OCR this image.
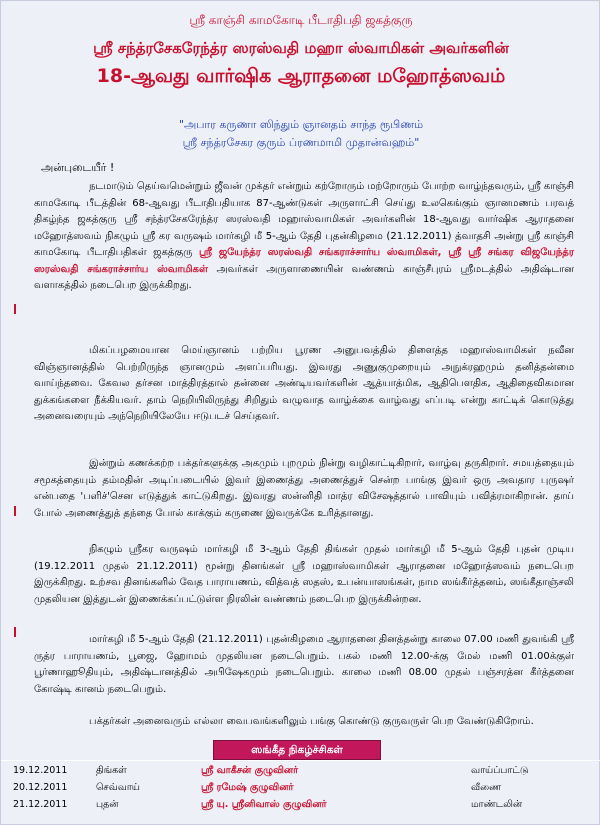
ஸ்ரீ காஞ்சி காமகோடி பீடாதிபதி ஜகத்குரு
ஸ்ரீ சந்த்ரசேகரேந்த்ர ஸரஸ்வதி மஹா ஸ்வாமிகள் அவர்களின்
18-ஆவது வார்ஷிக ஆராதனை மஹோத்ஸவம்
"அபார கருணா ஸிந்தும் ஞானதம் சாந்த ரூபிணம்
ஸ்ரீ சந்த்ரசேகர குரும் ப்ரணமாமி முதான்வஹம்"
அன்புடையீர் !

நடமாடும் தெய்வமென்றும் ஜீவன் முக்தர் என்றும் கற்றோரும் மற்றோரும் போற்ற வாழ்ந்தவரும், ஸ்ரீ காஞ்சி காமகோடி பீடத்தின் 68-ஆவது பீடாதிபதியாக 87-ஆண்டுகள் அருளாட்சி செய்து உலகெங்கும் ஞானமணம் பரவத் திகழ்ந்த ஜகத்குரு ஸ்ரீ சந்த்ரசேகரேந்த்ர ஸரஸ்வதி மஹாஸ்வாமிகள் அவர்களின் 18-ஆவது வார்ஷிக ஆராதனை மஹோத்ஸவம் நிகழும் ஸ்ரீ கர வருஷம் மார்கழி மீ 5-ஆம் தேதி புதன்கிழமை (21.12.2011) த்வாதசி அன்று ஸ்ரீ காஞ்சி காமகோடி பீடாதிபதிகள் ஜகத்குரு ஸ்ரீ ஜயேந்த்ர ஸரஸ்வதி சங்கராச்சார்ய ஸ்வாமிகள், ஸ்ரீ ஸ்ரீ சங்கர விஜயேந்த்ர ஸரஸ்வதி சங்கராச்சார்ய ஸ்வாமிகள் அவர்கள் அருளாணையின் வண்ணம் காஞ்சீபுரம் ஸ்ரீமடத்தில் அதிஷ்டான வளாகத்தில் நடைபெற இருக்கிறது.

மிகப்பழமையான மெய்ஞானம் பற்றிய பூரண அனுபவத்தில் திளைத்த மஹாஸ்வாமிகள் நவீன விஞ்ஞானத்தில் பெற்றிருந்த ஞானமும் அளப்பரியது. இவரது அணுகுமுறையும் அநுக்ரஹமும் தனித்தன்மை வாய்ந்தவை. கேவல தர்சன மாத்திரத்தால் தன்னை அண்டியவர்களின் ஆத்யாத்மிக, ஆதிபௌதிக, ஆதிதைவிகமான துக்கங்களை நீக்கியவர். தாம் நெறியிலிருந்து சிறிதும் வழுவாத வாழ்க்கை வாழ்வது எப்படி என்று காட்டிக் கொடுத்து அனைவரையும் அந்நெறியிலேயே ஈடுபடச் செய்தவர்.

இன்றும் கணக்கற்ற பக்தர்களுக்கு அகமும் புறமும் நின்று வழிகாட்டிகிறார், வாழ்வு தருகிறார். சமயத்தையும் சமூகத்தையும் தம்மதின் அடிப்படையில் இவர் இணைத்து அணைத்துச் சென்ற பாங்கு இவர் ஒரு அவதார புருஷர் என்பதை 'பளிச்'சென எடுத்துக் காட்டுகிறது. இவரது ஸன்னிதி மாத்ர விசேஷத்தால் பாவியும் பவித்ரமாகிறான். தாய் போல் அணைத்துத் தந்தை போல் காக்கும் கருணை இவருக்கே உரித்தானது.

நிகழும் ஸ்ரீகர வருஷம் மார்கழி மீ 3-ஆம் தேதி திங்கள் முதல் மார்கழி மீ 5-ஆம் தேதி புதன் முடிய (19.12.2011 முதல் 21.12.2011) மூன்று தினங்கள் ஸ்ரீ மஹாஸ்வாமிகள் ஆராதனை மஹோத்ஸவம் நடைபெற இருக்கிறது. உற்சவ தினங்களில் வேத பாராயணம், வித்வத் ஸதஸ், உபன்யாஸங்கள், நாம ஸங்கீர்த்தனம், ஸங்கீதாஞ்சலி முதலியன இத்துடன் இணைக்கப்பட்டுள்ள நிரலின் வண்ணம் நடைபெற இருக்கின்றன.

மார்கழி மீ 5-ஆம் தேதி (21.12.2011) புதன்கிழமை ஆராதனை தினத்தன்று காலை 07.00 மணி துவங்கி ஸ்ரீ ருத்ர பாராயணம், பூஜை, ஹோமம் முதலியன நடைபெறும். பகல் மணி 12.00-க்கு மேல் மணி 01.00க்குள் பூர்ணாஹூதியும், அதிஷ்டானத்தில் அபிஷேகமும் நடைபெறும். காலை மணி 08.00 முதல் பஞ்சரத்ன கீர்த்தனை கோஷ்டி கானம் நடைபெறும்.

பக்தர்கள் அனைவரும் எல்லா வைபவங்களிலும் பங்கு கொண்டு குருவருள் பெற வேண்டுகிறோம்.

ஸங்கீத நிகழ்ச்சிகள்
19.12.2011	திங்கள்	ஸ்ரீ வாகீசன் குழுவினர்	வாய்ப்பாட்டு
20.12.2011	செவ்வாய்	ஸ்ரீ ரமேஷ் குழுவினர்	வீணை
21.12.2011	புதன்	ஸ்ரீ யு. ஸ்ரீனிவாஸ் குழுவினர்	மாண்டலின்
